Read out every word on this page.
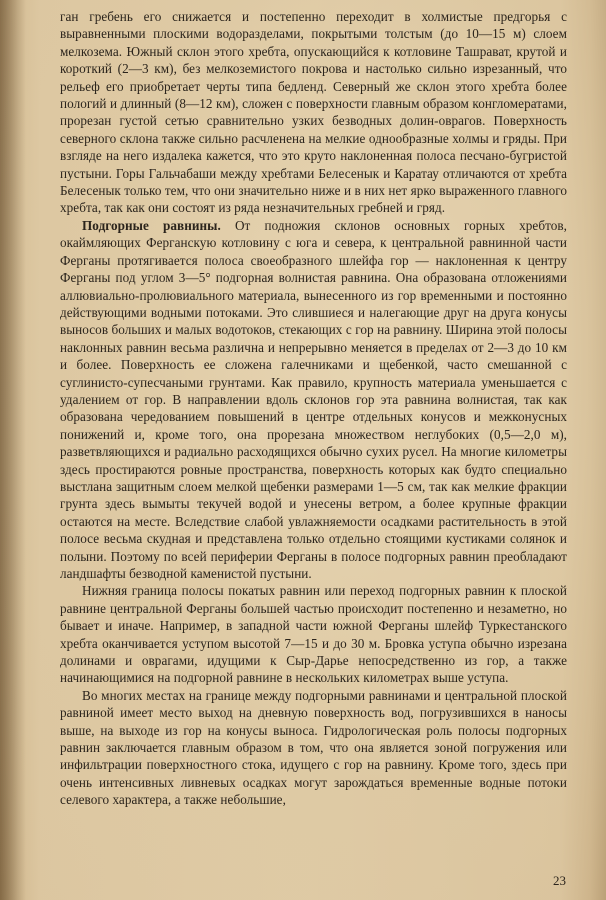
ган гребень его снижается и постепенно переходит в холмистые предгорья с выравненными плоскими водоразделами, покрытыми толстым (до 10—15 м) слоем мелкозема. Южный склон этого хребта, опускающийся к котловине Ташрават, крутой и короткий (2—3 км), без мелкоземистого покрова и настолько сильно изрезанный, что рельеф его приобретает черты типа бедленд. Северный же склон этого хребта более пологий и длинный (8—12 км), сложен с поверхности главным образом конгломератами, прорезан густой сетью сравнительно узких безводных долин-оврагов. Поверхность северного склона также сильно расчленена на мелкие однообразные холмы и гряды. При взгляде на него издалека кажется, что это круто наклоненная полоса песчано-бугристой пустыни. Горы Гальчабаши между хребтами Белесенык и Каратау отличаются от хребта Белесенык только тем, что они значительно ниже и в них нет ярко выраженного главного хребта, так как они состоят из ряда незначительных гребней и гряд.

Подгорные равнины. От подножия склонов основных горных хребтов, окаймляющих Ферганскую котловину с юга и севера, к центральной равнинной части Ферганы протягивается полоса своеобразного шлейфа гор — наклоненная к центру Ферганы под углом 3—5° подгорная волнистая равнина. Она образована отложениями аллювиально-пролювиального материала, вынесенного из гор временными и постоянно действующими водными потоками. Это слившиеся и налегающие друг на друга конусы выносов больших и малых водотоков, стекающих с гор на равнину. Ширина этой полосы наклонных равнин весьма различна и непрерывно меняется в пределах от 2—3 до 10 км и более. Поверхность ее сложена галечниками и щебенкой, часто смешанной с суглинисто-супесчаными грунтами. Как правило, крупность материала уменьшается с удалением от гор. В направлении вдоль склонов гор эта равнина волнистая, так как образована чередованием повышений в центре отдельных конусов и межконусных понижений и, кроме того, она прорезана множеством неглубоких (0,5—2,0 м), разветвляющихся и радиально расходящихся обычно сухих русел. На многие километры здесь простираются ровные пространства, поверхность которых как будто специально выстлана защитным слоем мелкой щебенки размерами 1—5 см, так как мелкие фракции грунта здесь вымыты текучей водой и унесены ветром, а более крупные фракции остаются на месте. Вследствие слабой увлажняемости осадками растительность в этой полосе весьма скудная и представлена только отдельно стоящими кустиками солянок и полыни. Поэтому по всей периферии Ферганы в полосе подгорных равнин преобладают ландшафты безводной каменистой пустыни.

Нижняя граница полосы покатых равнин или переход подгорных равнин к плоской равнине центральной Ферганы большей частью происходит постепенно и незаметно, но бывает и иначе. Например, в западной части южной Ферганы шлейф Туркестанского хребта оканчивается уступом высотой 7—15 и до 30 м. Бровка уступа обычно изрезана долинами и оврагами, идущими к Сыр-Дарье непосредственно из гор, а также начинающимися на подгорной равнине в нескольких километрах выше уступа.

Во многих местах на границе между подгорными равнинами и центральной плоской равниной имеет место выход на дневную поверхность вод, погрузившихся в наносы выше, на выходе из гор на конусы выноса. Гидрологическая роль полосы подгорных равнин заключается главным образом в том, что она является зоной погружения или инфильтрации поверхностного стока, идущего с гор на равнину. Кроме того, здесь при очень интенсивных ливневых осадках могут зарождаться временные водные потоки селевого характера, а также небольшие,

23
